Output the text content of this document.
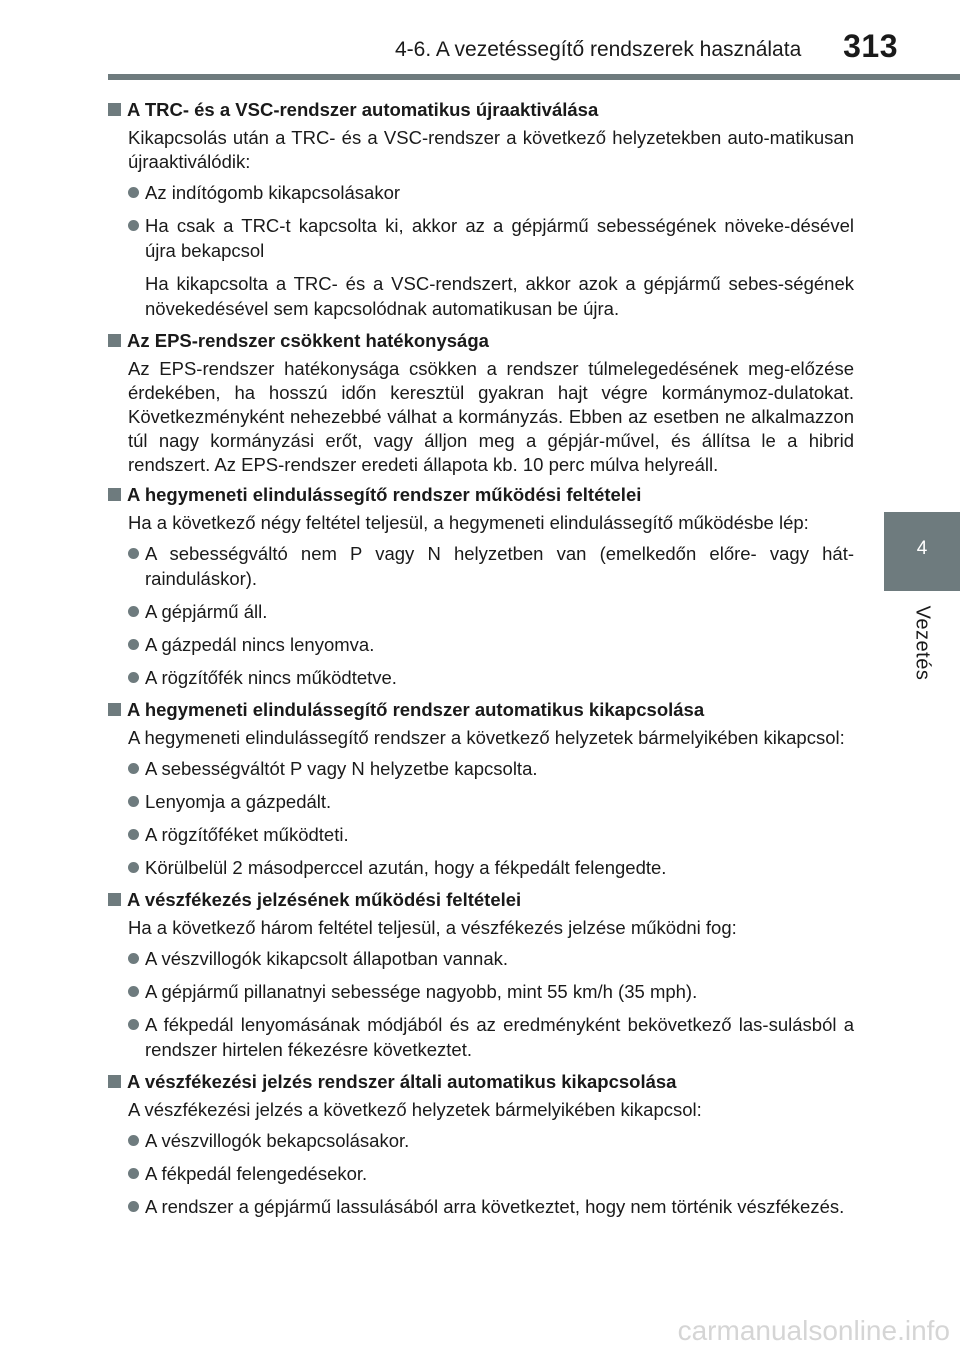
4-6. A vezetéssegítő rendszerek használata	313
4
Vezetés
A TRC- és a VSC-rendszer automatikus újraaktiválása

Kikapcsolás után a TRC- és a VSC-rendszer a következő helyzetekben auto-matikusan újraaktiválódik:

Az indítógomb kikapcsolásakor
Ha csak a TRC-t kapcsolta ki, akkor az a gépjármű sebességének növeke-désével újra bekapcsol

Ha kikapcsolta a TRC- és a VSC-rendszert, akkor azok a gépjármű sebes-ségének növekedésével sem kapcsolódnak automatikusan be újra.

Az EPS-rendszer csökkent hatékonysága

Az EPS-rendszer hatékonysága csökken a rendszer túlmelegedésének meg-előzése érdekében, ha hosszú időn keresztül gyakran hajt végre kormánymoz-dulatokat. Következményként nehezebbé válhat a kormányzás. Ebben az esetben ne alkalmazzon túl nagy kormányzási erőt, vagy álljon meg a gépjár-művel, és állítsa le a hibrid rendszert. Az EPS-rendszer eredeti állapota kb. 10 perc múlva helyreáll.

A hegymeneti elindulássegítő rendszer működési feltételei

Ha a következő négy feltétel teljesül, a hegymeneti elindulássegítő működésbe lép:

A sebességváltó nem P vagy N helyzetben van (emelkedőn előre- vagy hát-rainduláskor).
A gépjármű áll.
A gázpedál nincs lenyomva.
A rögzítőfék nincs működtetve.
A hegymeneti elindulássegítő rendszer automatikus kikapcsolása

A hegymeneti elindulássegítő rendszer a következő helyzetek bármelyikében kikapcsol:

A sebességváltót P vagy N helyzetbe kapcsolta.
Lenyomja a gázpedált.
A rögzítőféket működteti.
Körülbelül 2 másodperccel azután, hogy a fékpedált felengedte.
A vészfékezés jelzésének működési feltételei

Ha a következő három feltétel teljesül, a vészfékezés jelzése működni fog:

A vészvillogók kikapcsolt állapotban vannak.
A gépjármű pillanatnyi sebessége nagyobb, mint 55 km/h (35 mph).
A fékpedál lenyomásának módjából és az eredményként bekövetkező las-sulásból a rendszer hirtelen fékezésre következtet.
A vészfékezési jelzés rendszer általi automatikus kikapcsolása

A vészfékezési jelzés a következő helyzetek bármelyikében kikapcsol:

A vészvillogók bekapcsolásakor.
A fékpedál felengedésekor.
A rendszer a gépjármű lassulásából arra következtet, hogy nem történik vészfékezés.
carmanualsonline.info
